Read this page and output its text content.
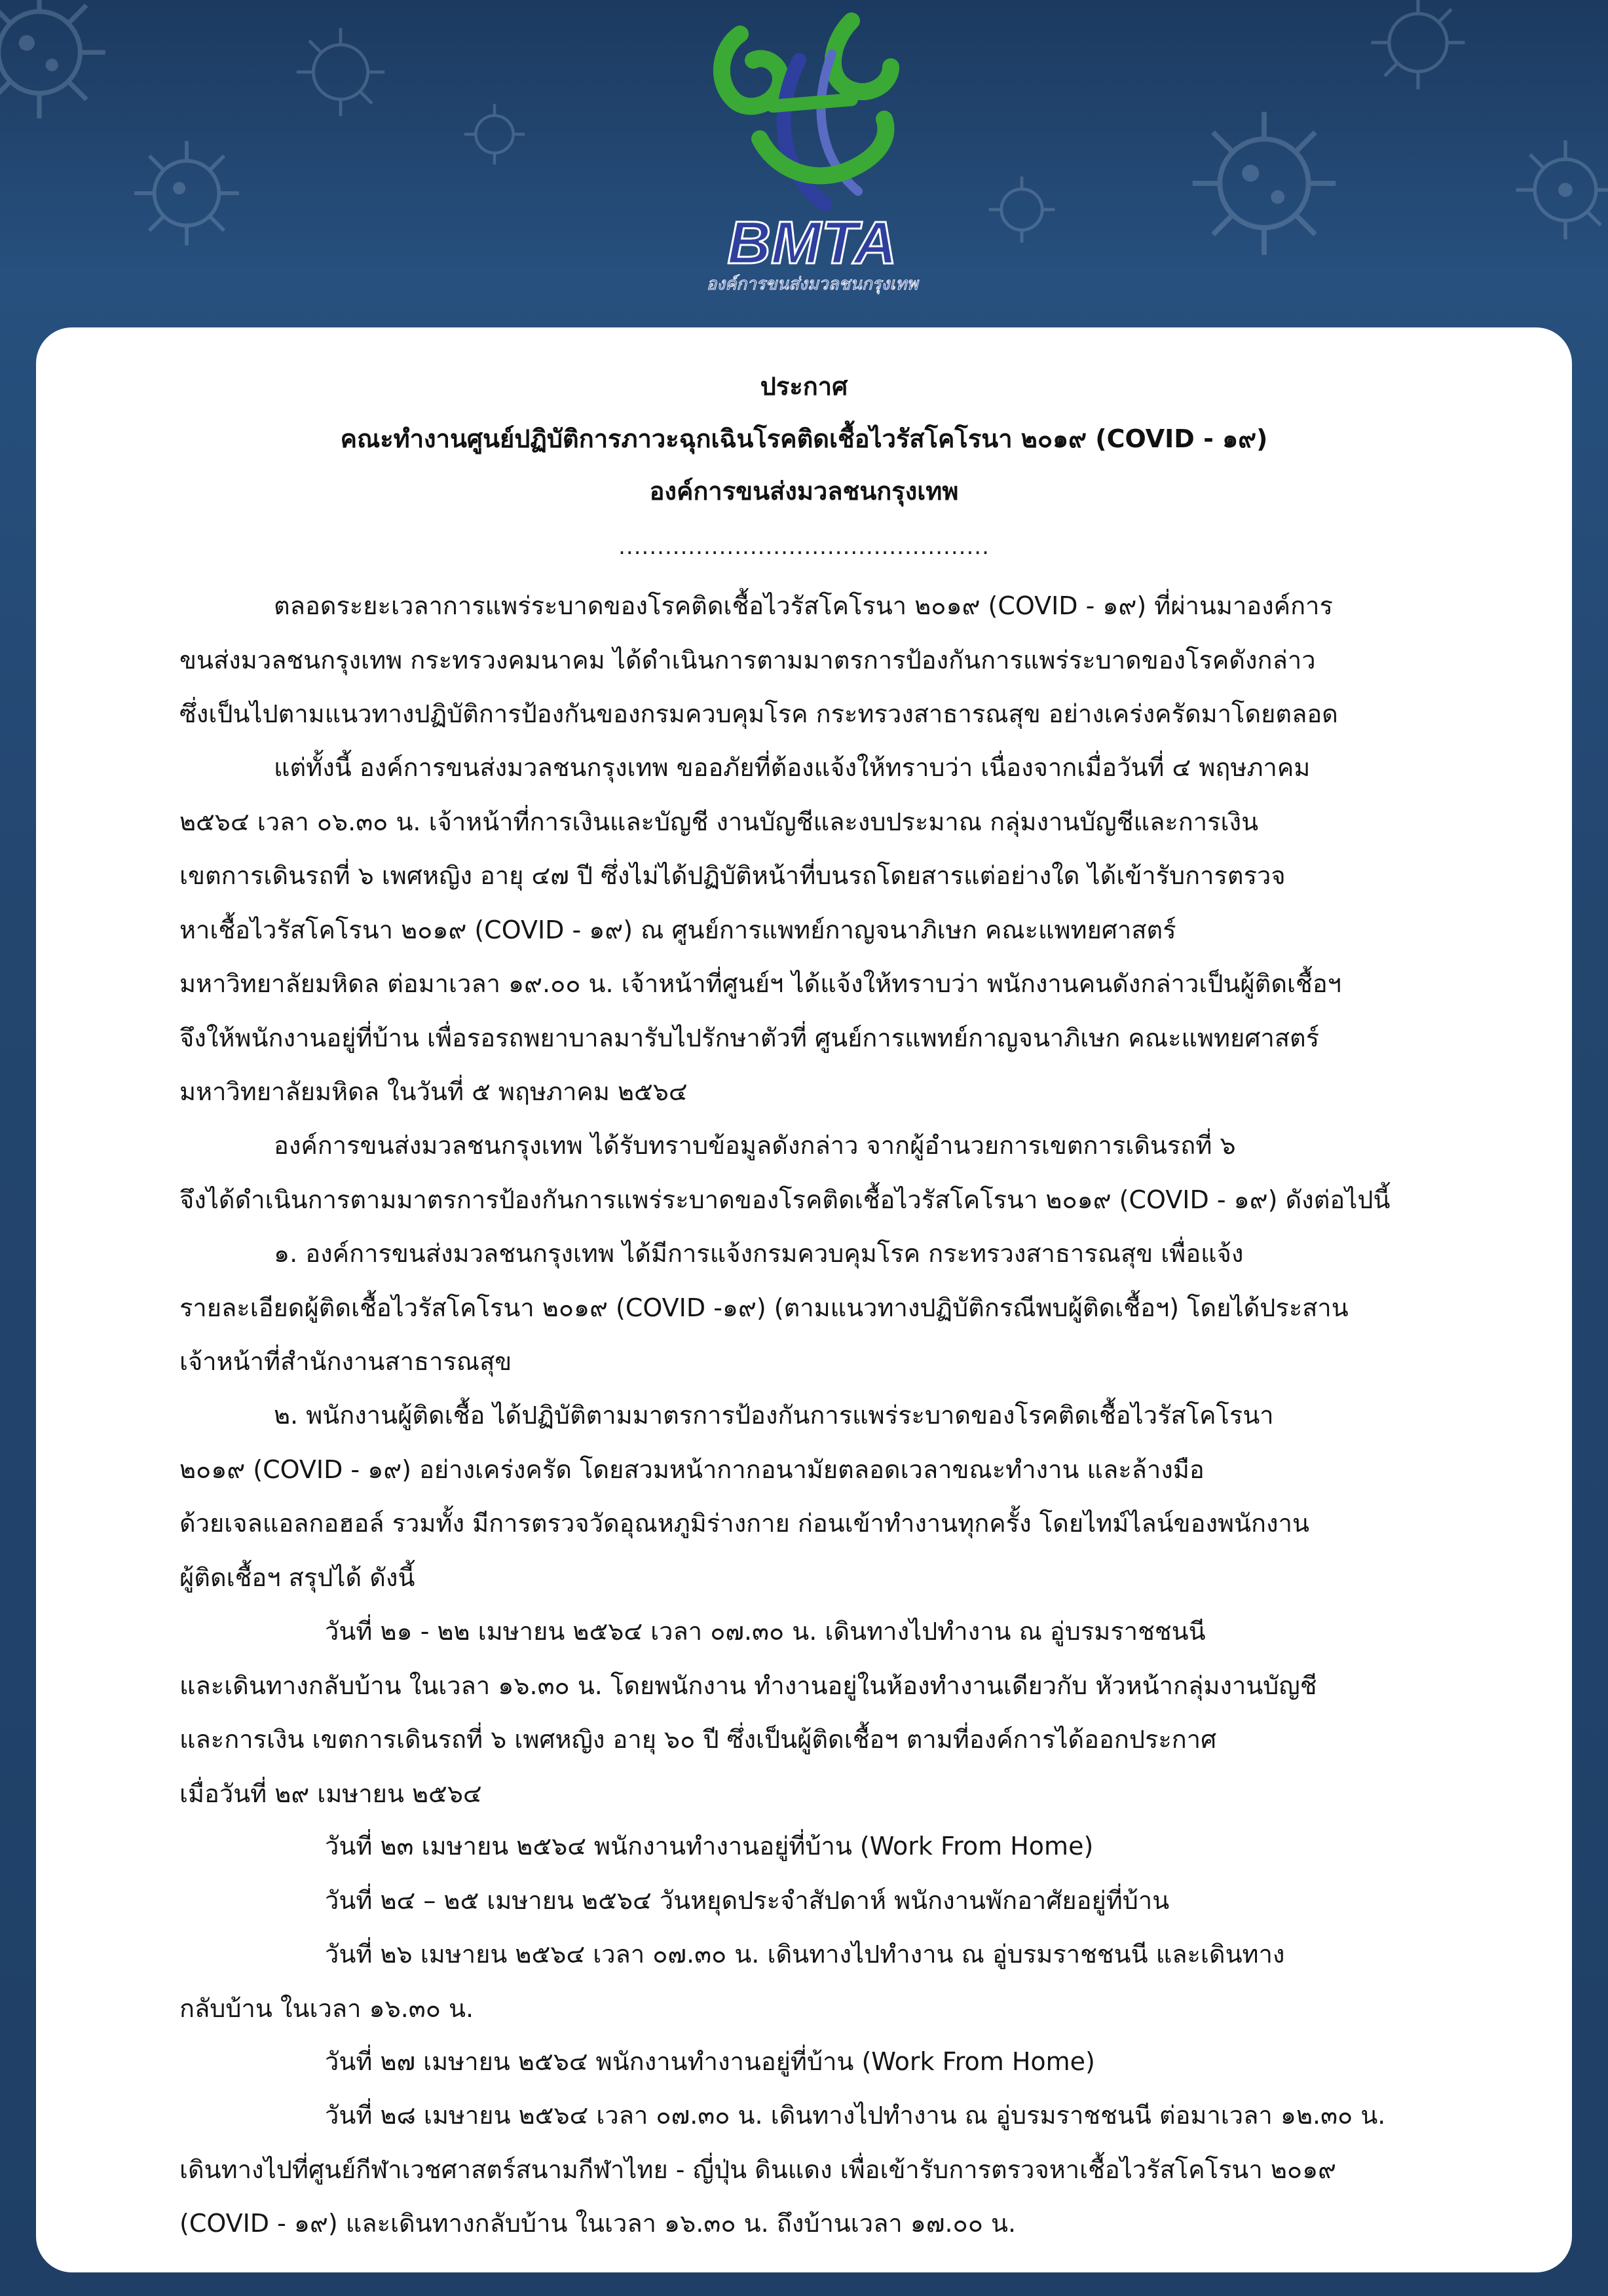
BMTA
องค์การขนส่งมวลชนกรุงเทพ
ประกาศ
คณะทำงานศูนย์ปฏิบัติการภาวะฉุกเฉินโรคติดเชื้อไวรัสโคโรนา ๒๐๑๙ (COVID - ๑๙)
องค์การขนส่งมวลชนกรุงเทพ
................................................
ตลอดระยะเวลาการแพร่ระบาดของโรคติดเชื้อไวรัสโคโรนา ๒๐๑๙ (COVID - ๑๙) ที่ผ่านมาองค์การ
ขนส่งมวลชนกรุงเทพ กระทรวงคมนาคม ได้ดำเนินการตามมาตรการป้องกันการแพร่ระบาดของโรคดังกล่าว
ซึ่งเป็นไปตามแนวทางปฏิบัติการป้องกันของกรมควบคุมโรค กระทรวงสาธารณสุข อย่างเคร่งครัดมาโดยตลอด
แต่ทั้งนี้ องค์การขนส่งมวลชนกรุงเทพ ขออภัยที่ต้องแจ้งให้ทราบว่า เนื่องจากเมื่อวันที่ ๔ พฤษภาคม
๒๕๖๔ เวลา ๐๖.๓๐ น. เจ้าหน้าที่การเงินและบัญชี งานบัญชีและงบประมาณ กลุ่มงานบัญชีและการเงิน
เขตการเดินรถที่ ๖ เพศหญิง อายุ ๔๗ ปี ซึ่งไม่ได้ปฏิบัติหน้าที่บนรถโดยสารแต่อย่างใด ได้เข้ารับการตรวจ
หาเชื้อไวรัสโคโรนา ๒๐๑๙ (COVID - ๑๙) ณ ศูนย์การแพทย์กาญจนาภิเษก คณะแพทยศาสตร์
มหาวิทยาลัยมหิดล ต่อมาเวลา ๑๙.๐๐ น. เจ้าหน้าที่ศูนย์ฯ ได้แจ้งให้ทราบว่า พนักงานคนดังกล่าวเป็นผู้ติดเชื้อฯ
จึงให้พนักงานอยู่ที่บ้าน เพื่อรอรถพยาบาลมารับไปรักษาตัวที่ ศูนย์การแพทย์กาญจนาภิเษก คณะแพทยศาสตร์
มหาวิทยาลัยมหิดล ในวันที่ ๕ พฤษภาคม ๒๕๖๔
องค์การขนส่งมวลชนกรุงเทพ ได้รับทราบข้อมูลดังกล่าว จากผู้อำนวยการเขตการเดินรถที่ ๖
จึงได้ดำเนินการตามมาตรการป้องกันการแพร่ระบาดของโรคติดเชื้อไวรัสโคโรนา ๒๐๑๙ (COVID - ๑๙) ดังต่อไปนี้
๑. องค์การขนส่งมวลชนกรุงเทพ ได้มีการแจ้งกรมควบคุมโรค กระทรวงสาธารณสุข เพื่อแจ้ง
รายละเอียดผู้ติดเชื้อไวรัสโคโรนา ๒๐๑๙ (COVID -๑๙) (ตามแนวทางปฏิบัติกรณีพบผู้ติดเชื้อฯ) โดยได้ประสาน
เจ้าหน้าที่สำนักงานสาธารณสุข
๒. พนักงานผู้ติดเชื้อ ได้ปฏิบัติตามมาตรการป้องกันการแพร่ระบาดของโรคติดเชื้อไวรัสโคโรนา
๒๐๑๙ (COVID - ๑๙) อย่างเคร่งครัด โดยสวมหน้ากากอนามัยตลอดเวลาขณะทำงาน และล้างมือ
ด้วยเจลแอลกอฮอล์ รวมทั้ง มีการตรวจวัดอุณหภูมิร่างกาย ก่อนเข้าทำงานทุกครั้ง โดยไทม์ไลน์ของพนักงาน
ผู้ติดเชื้อฯ สรุปได้ ดังนี้
วันที่ ๒๑ - ๒๒ เมษายน ๒๕๖๔ เวลา ๐๗.๓๐ น. เดินทางไปทำงาน ณ อู่บรมราชชนนี
และเดินทางกลับบ้าน ในเวลา ๑๖.๓๐ น. โดยพนักงาน ทำงานอยู่ในห้องทำงานเดียวกับ หัวหน้ากลุ่มงานบัญชี
และการเงิน เขตการเดินรถที่ ๖ เพศหญิง อายุ ๖๐ ปี ซึ่งเป็นผู้ติดเชื้อฯ ตามที่องค์การได้ออกประกาศ
เมื่อวันที่ ๒๙ เมษายน ๒๕๖๔
วันที่ ๒๓ เมษายน ๒๕๖๔ พนักงานทำงานอยู่ที่บ้าน (Work From Home)
วันที่ ๒๔ – ๒๕ เมษายน ๒๕๖๔ วันหยุดประจำสัปดาห์ พนักงานพักอาศัยอยู่ที่บ้าน
วันที่ ๒๖ เมษายน ๒๕๖๔ เวลา ๐๗.๓๐ น. เดินทางไปทำงาน ณ อู่บรมราชชนนี และเดินทาง
กลับบ้าน ในเวลา ๑๖.๓๐ น.
วันที่ ๒๗ เมษายน ๒๕๖๔ พนักงานทำงานอยู่ที่บ้าน (Work From Home)
วันที่ ๒๘ เมษายน ๒๕๖๔ เวลา ๐๗.๓๐ น. เดินทางไปทำงาน ณ อู่บรมราชชนนี ต่อมาเวลา ๑๒.๓๐ น.
เดินทางไปที่ศูนย์กีฬาเวชศาสตร์สนามกีฬาไทย - ญี่ปุ่น ดินแดง เพื่อเข้ารับการตรวจหาเชื้อไวรัสโคโรนา ๒๐๑๙
(COVID - ๑๙) และเดินทางกลับบ้าน ในเวลา ๑๖.๓๐ น. ถึงบ้านเวลา ๑๗.๐๐ น.
